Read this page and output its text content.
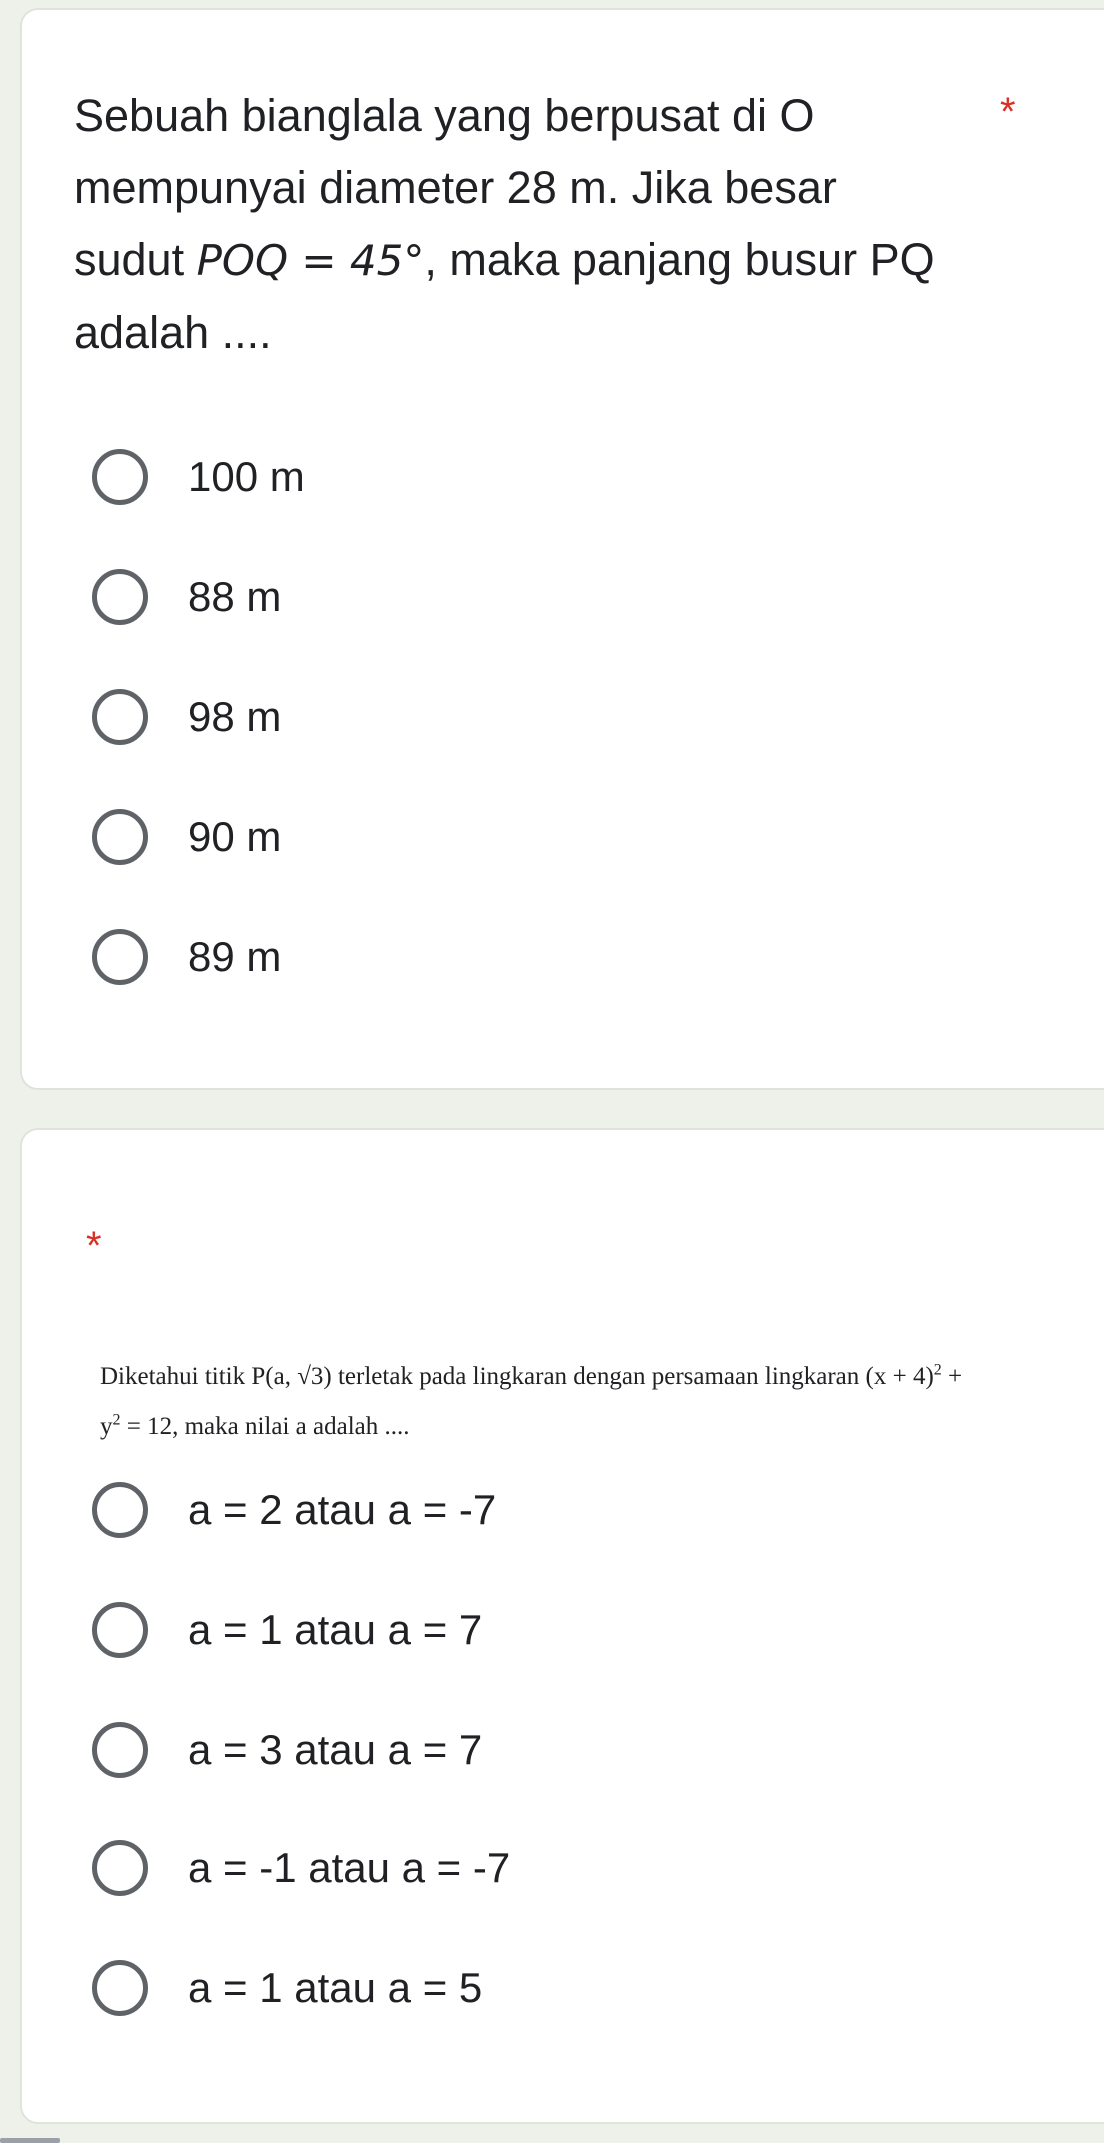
*

Sebuah bianglala yang berpusat di O
mempunyai diameter 28 m. Jika besar
sudut POQ = 45°, maka panjang busur PQ
adalah ....

100 m
88 m
98 m
90 m
89 m
*

Diketahui titik P(a, √3) terletak pada lingkaran dengan persamaan lingkaran $(x + 4)^2$ +
$y^2 = 12$, maka nilai a adalah ....

a = 2 atau a = -7
a = 1 atau a = 7
a = 3 atau a = 7
a = -1 atau a = -7
a = 1 atau a = 5
